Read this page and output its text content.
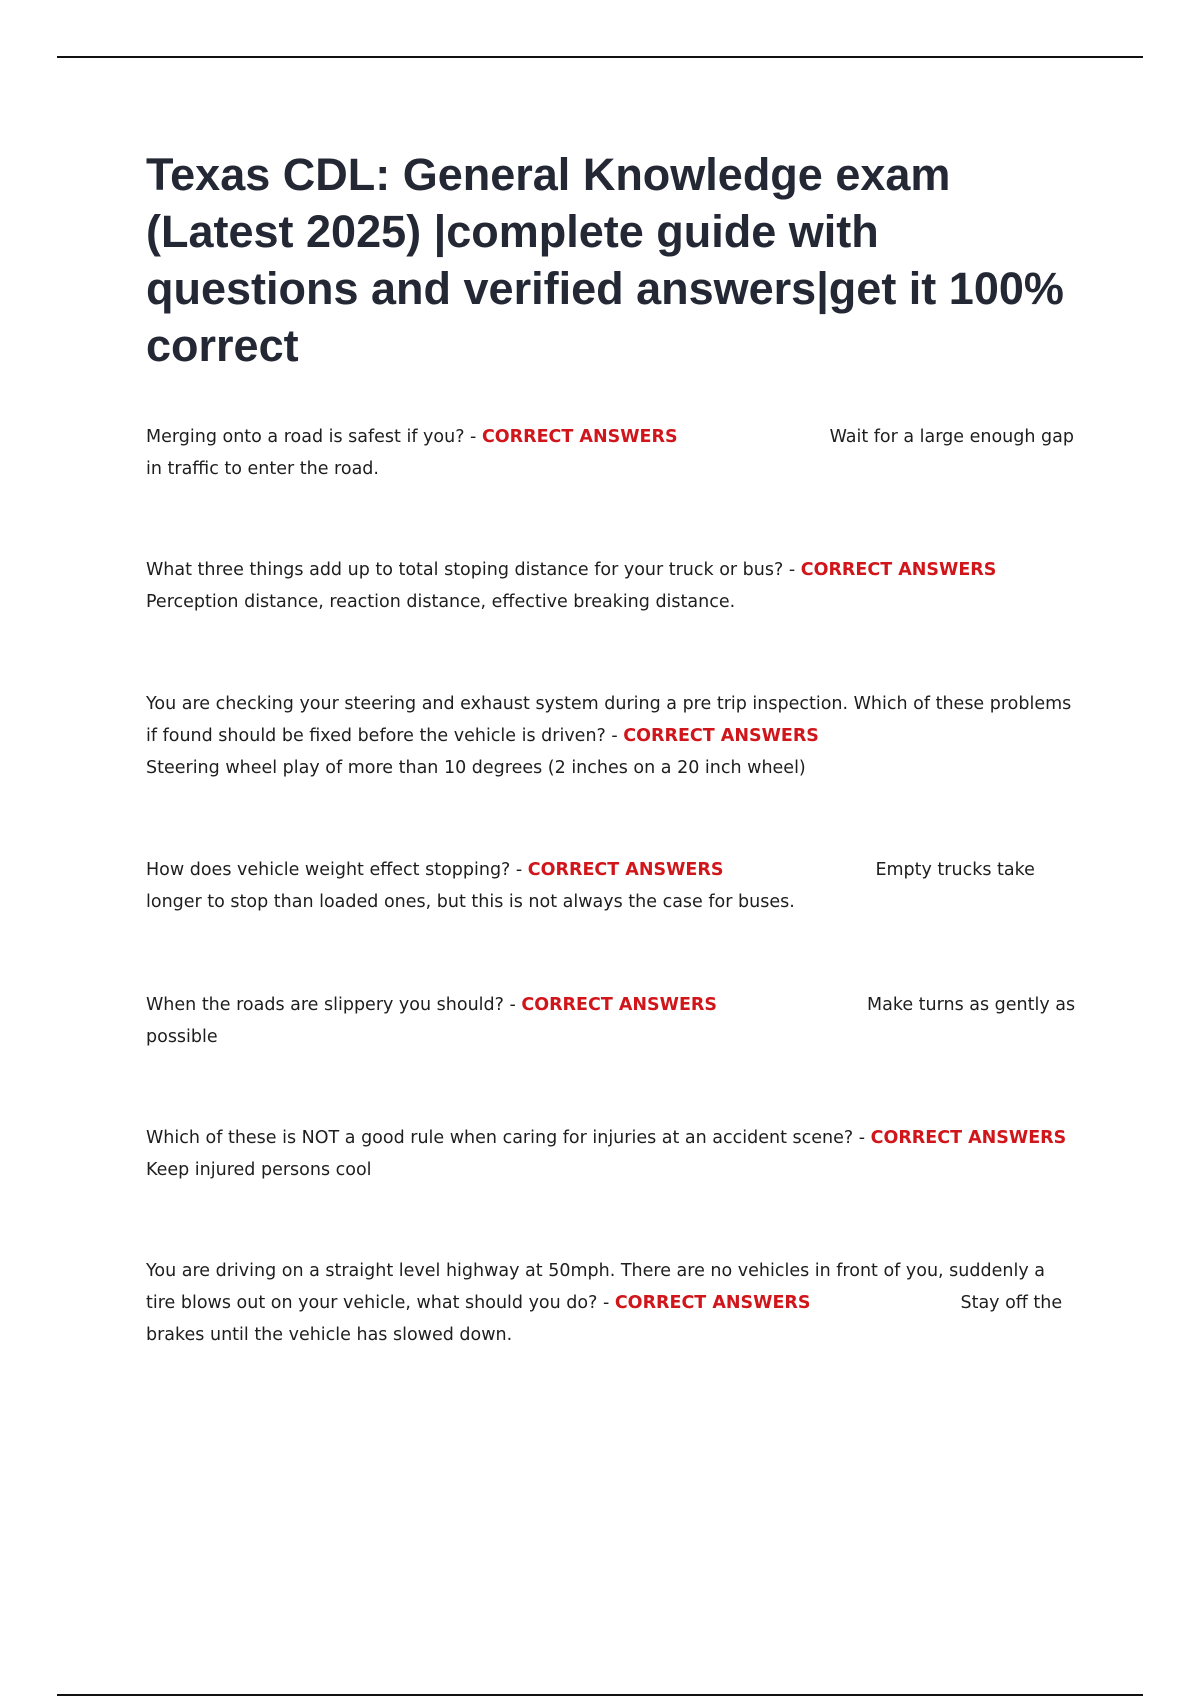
Texas CDL: General Knowledge exam (Latest 2025) |complete guide with questions and verified answers|get it 100% correct

Merging onto a road is safest if you? - CORRECT ANSWERS	Wait for a large enough gap in traffic to enter the road.

What three things add up to total stoping distance for your truck or bus? - CORRECT ANSWERS
Perception distance, reaction distance, effective breaking distance.

You are checking your steering and exhaust system during a pre trip inspection. Which of these problems if found should be fixed before the vehicle is driven? - CORRECT ANSWERS
Steering wheel play of more than 10 degrees (2 inches on a 20 inch wheel)

How does vehicle weight effect stopping? - CORRECT ANSWERS	Empty trucks take longer to stop than loaded ones, but this is not always the case for buses.

When the roads are slippery you should? - CORRECT ANSWERS	Make turns as gently as possible

Which of these is NOT a good rule when caring for injuries at an accident scene? - CORRECT ANSWERS
Keep injured persons cool

You are driving on a straight level highway at 50mph. There are no vehicles in front of you, suddenly a tire blows out on your vehicle, what should you do? - CORRECT ANSWERS	Stay off the brakes until the vehicle has slowed down.
